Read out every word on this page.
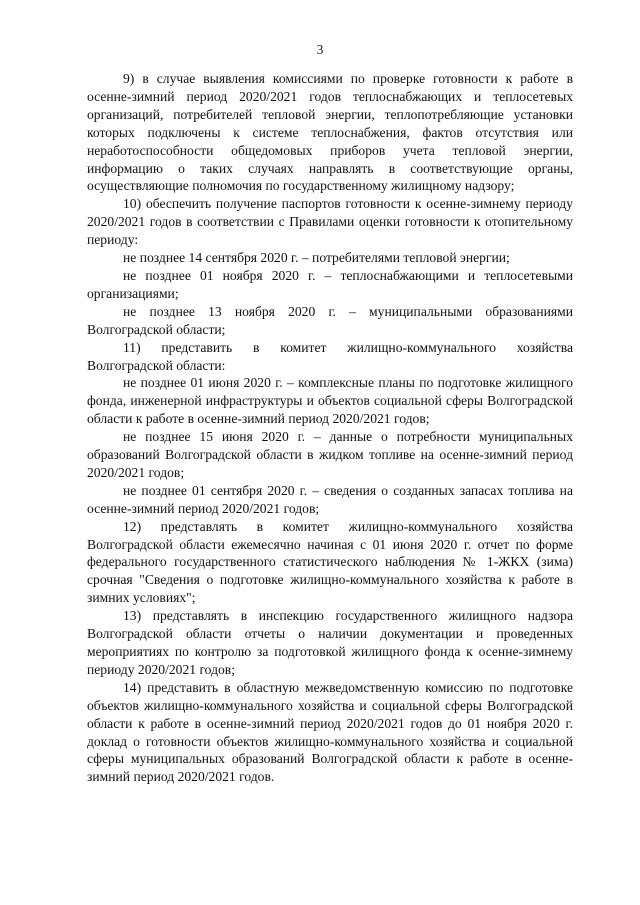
3

9) в случае выявления комиссиями по проверке готовности к работе в осенне-зимний период 2020/2021 годов теплоснабжающих и теплосетевых организаций, потребителей тепловой энергии, теплопотребляющие установки которых подключены к системе теплоснабжения, фактов отсутствия или неработоспособности общедомовых приборов учета тепловой энергии, информацию о таких случаях направлять в соответствующие органы, осуществляющие полномочия по государственному жилищному надзору;

10) обеспечить получение паспортов готовности к осенне-зимнему периоду 2020/2021 годов в соответствии с Правилами оценки готовности к отопительному периоду:

не позднее 14 сентября 2020 г. – потребителями тепловой энергии;

не позднее 01 ноября 2020 г. – теплоснабжающими и теплосетевыми организациями;

не позднее 13 ноября 2020 г. – муниципальными образованиями Волгоградской области;

11) представить в комитет жилищно-коммунального хозяйства Волгоградской области:

не позднее 01 июня 2020 г. – комплексные планы по подготовке жилищного фонда, инженерной инфраструктуры и объектов социальной сферы Волгоградской области к работе в осенне-зимний период 2020/2021 годов;

не позднее 15 июня 2020 г. – данные о потребности муниципальных образований Волгоградской области в жидком топливе на осенне-зимний период 2020/2021 годов;

не позднее 01 сентября 2020 г. – сведения о созданных запасах топлива на осенне-зимний период 2020/2021 годов;

12) представлять в комитет жилищно-коммунального хозяйства Волгоградской области ежемесячно начиная с 01 июня 2020 г. отчет по форме федерального государственного статистического наблюдения № 1-ЖКХ (зима) срочная "Сведения о подготовке жилищно-коммунального хозяйства к работе в зимних условиях";

13) представлять в инспекцию государственного жилищного надзора Волгоградской области отчеты о наличии документации и проведенных мероприятиях по контролю за подготовкой жилищного фонда к осенне-зимнему периоду 2020/2021 годов;

14) представить в областную межведомственную комиссию по подготовке объектов жилищно-коммунального хозяйства и социальной сферы Волгоградской области к работе в осенне-зимний период 2020/2021 годов до 01 ноября 2020 г. доклад о готовности объектов жилищно-коммунального хозяйства и социальной сферы муниципальных образований Волгоградской области к работе в осенне-зимний период 2020/2021 годов.
